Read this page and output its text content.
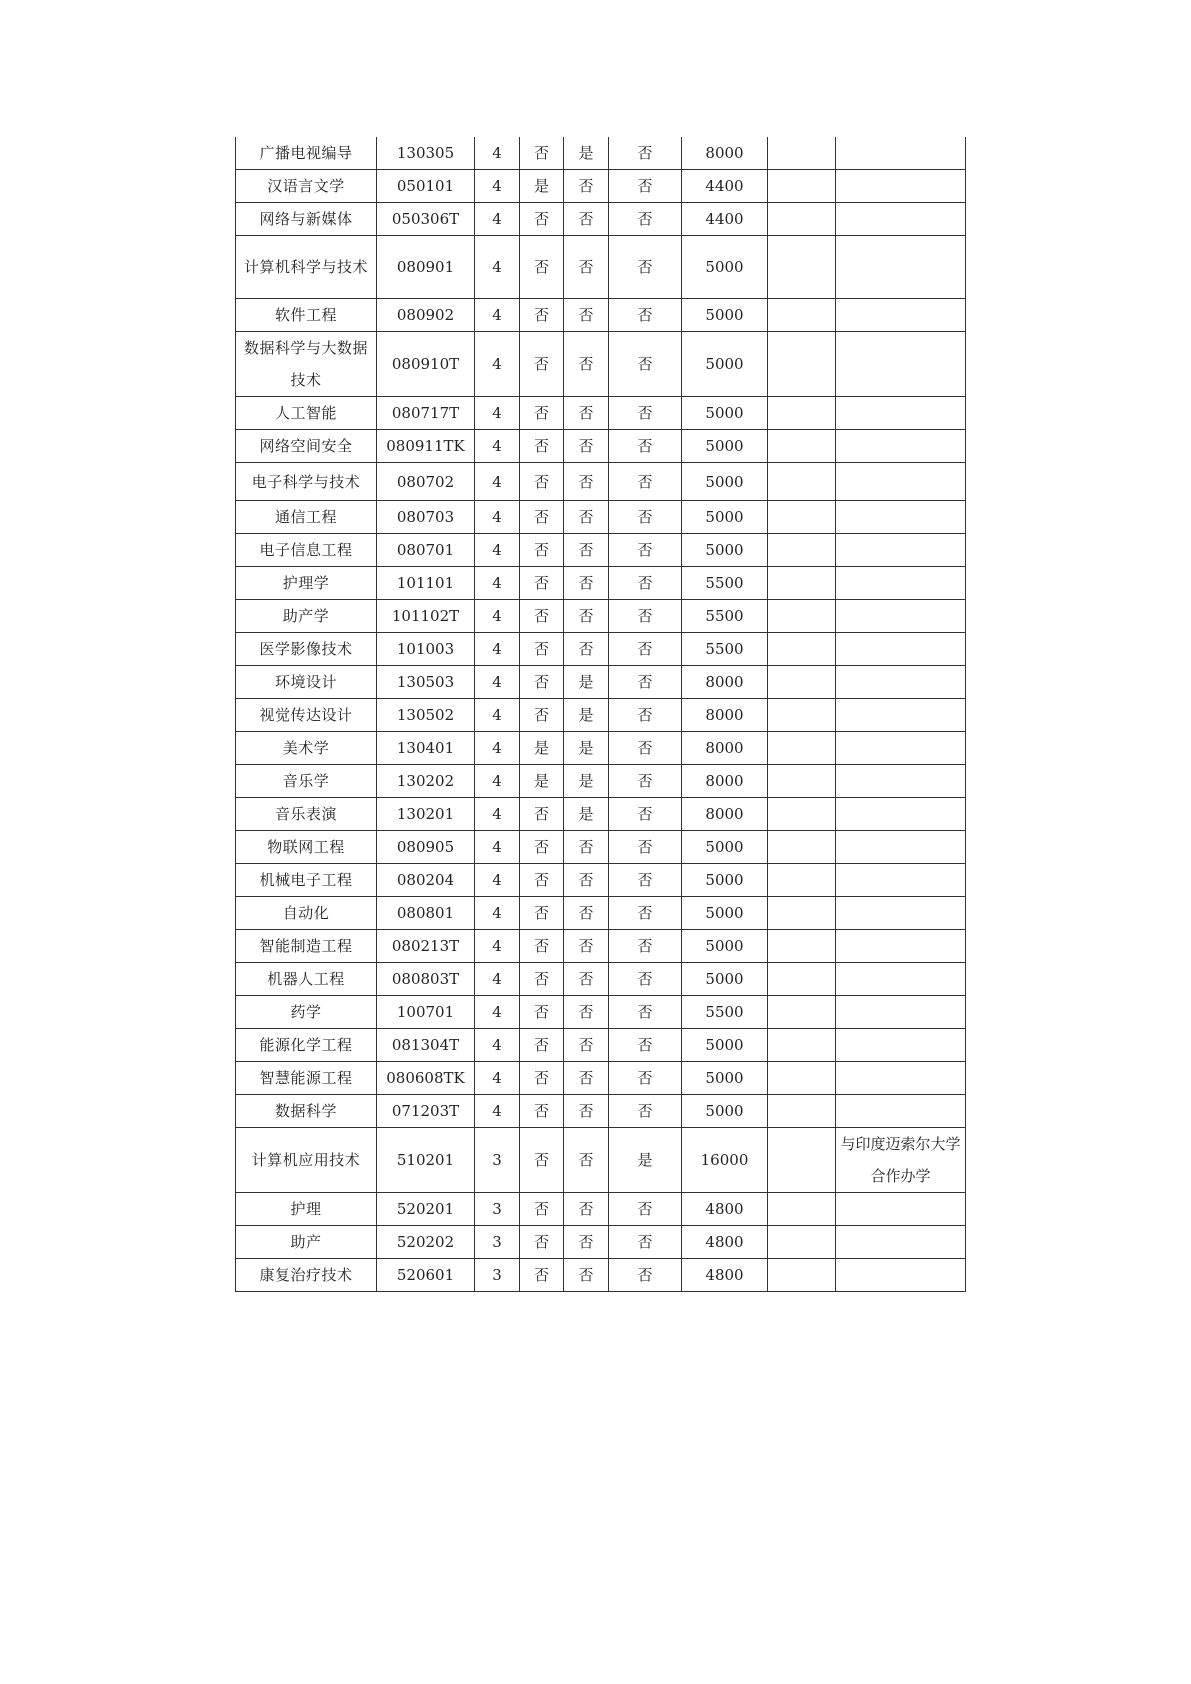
广播电视编导	130305	4	否	是	否	8000		
汉语言文学	050101	4	是	否	否	4400		
网络与新媒体	050306T	4	否	否	否	4400		
计算机科学与技术	080901	4	否	否	否	5000		
软件工程	080902	4	否	否	否	5000		
数据科学与大数据技术	080910T	4	否	否	否	5000		
人工智能	080717T	4	否	否	否	5000		
网络空间安全	080911TK	4	否	否	否	5000		
电子科学与技术	080702	4	否	否	否	5000		
通信工程	080703	4	否	否	否	5000		
电子信息工程	080701	4	否	否	否	5000		
护理学	101101	4	否	否	否	5500		
助产学	101102T	4	否	否	否	5500		
医学影像技术	101003	4	否	否	否	5500		
环境设计	130503	4	否	是	否	8000		
视觉传达设计	130502	4	否	是	否	8000		
美术学	130401	4	是	是	否	8000		
音乐学	130202	4	是	是	否	8000		
音乐表演	130201	4	否	是	否	8000		
物联网工程	080905	4	否	否	否	5000		
机械电子工程	080204	4	否	否	否	5000		
自动化	080801	4	否	否	否	5000		
智能制造工程	080213T	4	否	否	否	5000		
机器人工程	080803T	4	否	否	否	5000		
药学	100701	4	否	否	否	5500		
能源化学工程	081304T	4	否	否	否	5000		
智慧能源工程	080608TK	4	否	否	否	5000		
数据科学	071203T	4	否	否	否	5000		
计算机应用技术	510201	3	否	否	是	16000		与印度迈索尔大学合作办学
护理	520201	3	否	否	否	4800		
助产	520202	3	否	否	否	4800		
康复治疗技术	520601	3	否	否	否	4800		
